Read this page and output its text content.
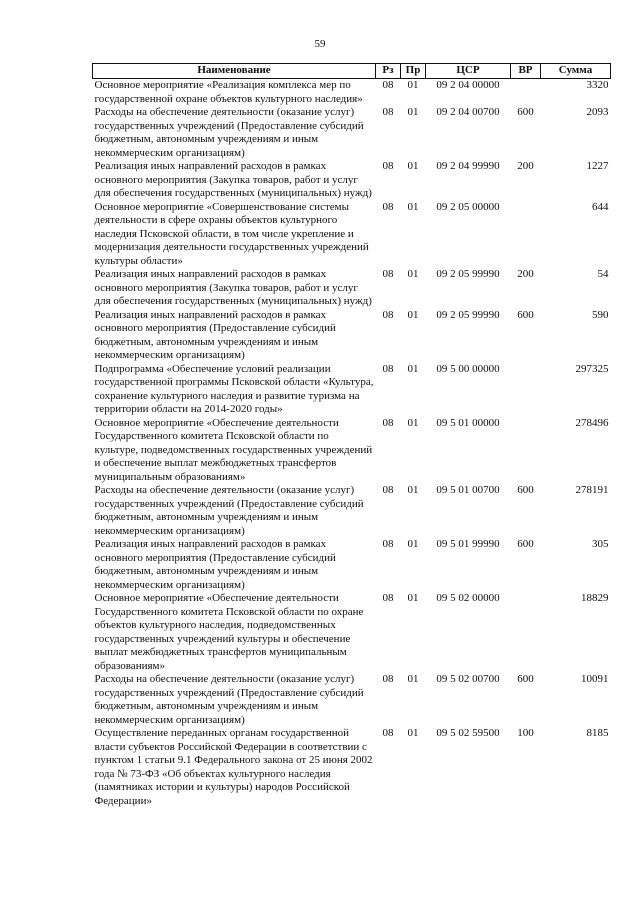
59
Наименование	Рз	Пр	ЦСР	ВР	Сумма
Основное мероприятие «Реализация комплекса мер по государственной охране объектов культурного наследия»	08	01	09 2 04 00000		3320
Расходы на обеспечение деятельности (оказание услуг) государственных учреждений (Предоставление субсидий бюджетным, автономным учреждениям и иным некоммерческим организациям)	08	01	09 2 04 00700	600	2093
Реализация иных направлений расходов в рамках основного мероприятия (Закупка товаров, работ и услуг для обеспечения государственных (муниципальных) нужд)	08	01	09 2 04 99990	200	1227
Основное мероприятие «Совершенствование системы деятельности в сфере охраны объектов культурного наследия Псковской области, в том числе укрепление и модернизация деятельности государственных учреждений культуры области»	08	01	09 2 05 00000		644
Реализация иных направлений расходов в рамках основного мероприятия (Закупка товаров, работ и услуг для обеспечения государственных (муниципальных) нужд)	08	01	09 2 05 99990	200	54
Реализация иных направлений расходов в рамках основного мероприятия (Предоставление субсидий бюджетным, автономным учреждениям и иным некоммерческим организациям)	08	01	09 2 05 99990	600	590
Подпрограмма «Обеспечение условий реализации государственной программы Псковской области «Культура, сохранение культурного наследия и развитие туризма на территории области на 2014-2020 годы»	08	01	09 5 00 00000		297325
Основное мероприятие «Обеспечение деятельности Государственного комитета Псковской области по культуре, подведомственных государственных учреждений и обеспечение выплат межбюджетных трансфертов муниципальным образованиям»	08	01	09 5 01 00000		278496
Расходы на обеспечение деятельности (оказание услуг) государственных учреждений (Предоставление субсидий бюджетным, автономным учреждениям и иным некоммерческим организациям)	08	01	09 5 01 00700	600	278191
Реализация иных направлений расходов в рамках основного мероприятия (Предоставление субсидий бюджетным, автономным учреждениям и иным некоммерческим организациям)	08	01	09 5 01 99990	600	305
Основное мероприятие «Обеспечение деятельности Государственного комитета Псковской области по охране объектов культурного наследия, подведомственных государственных учреждений культуры и обеспечение выплат межбюджетных трансфертов муниципальным образованиям»	08	01	09 5 02 00000		18829
Расходы на обеспечение деятельности (оказание услуг) государственных учреждений (Предоставление субсидий бюджетным, автономным учреждениям и иным некоммерческим организациям)	08	01	09 5 02 00700	600	10091
Осуществление переданных органам государственной власти субъектов Российской Федерации в соответствии с пунктом 1 статьи 9.1 Федерального закона от 25 июня 2002 года № 73-ФЗ «Об объектах культурного наследия (памятниках истории и культуры) народов Российской Федерации»	08	01	09 5 02 59500	100	8185
